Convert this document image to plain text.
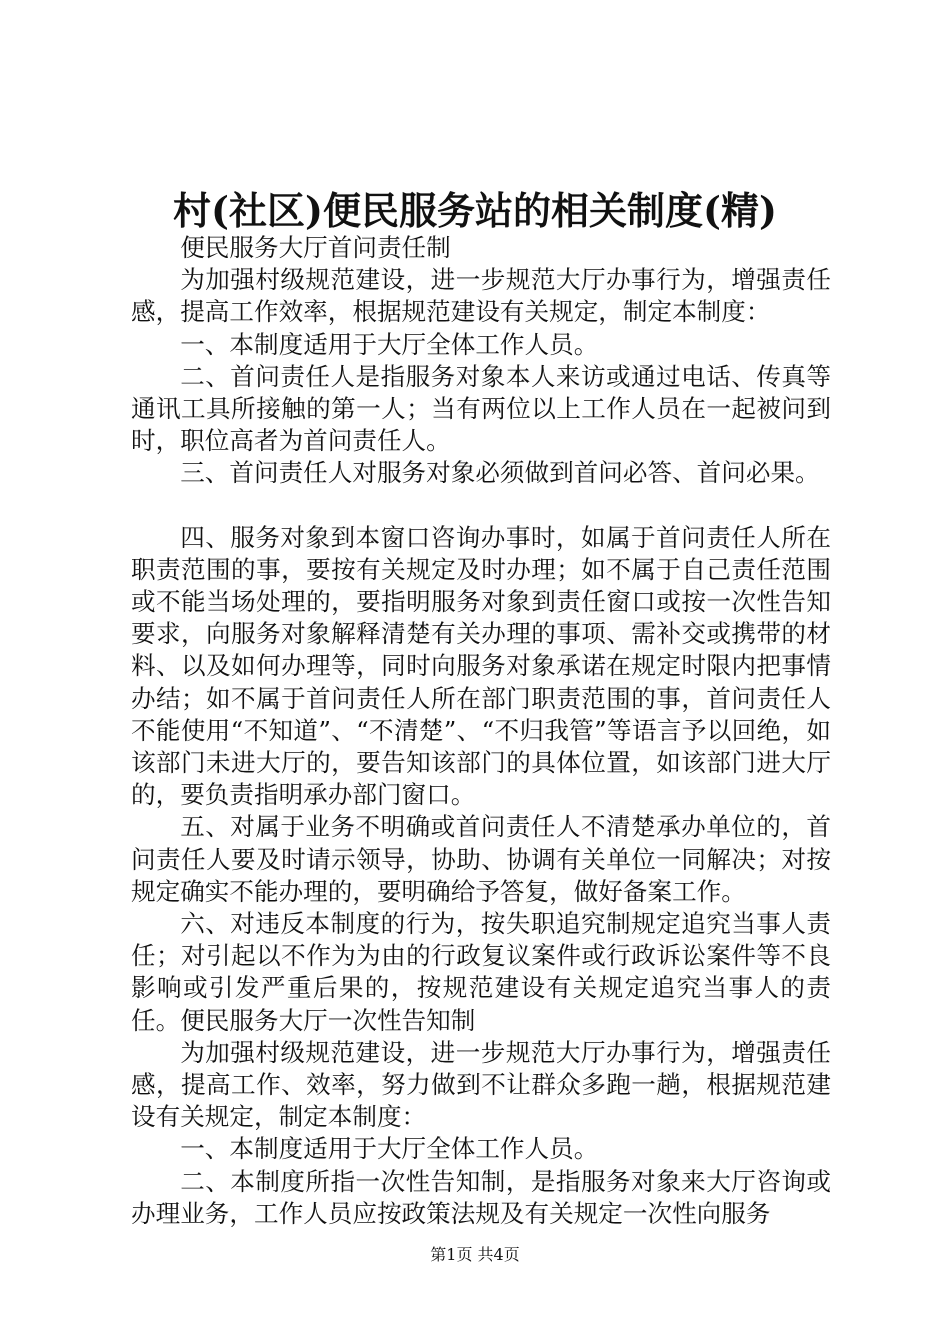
村(社区)便民服务站的相关制度(精)

便民服务大厅首问责任制

为加强村级规范建设，进一步规范大厅办事行为，增强责任感，提高工作效率，根据规范建设有关规定，制定本制度：

一、本制度适用于大厅全体工作人员。

二、首问责任人是指服务对象本人来访或通过电话、传真等通讯工具所接触的第一人；当有两位以上工作人员在一起被问到时，职位高者为首问责任人。

三、首问责任人对服务对象必须做到首问必答、首问必果。

四、服务对象到本窗口咨询办事时，如属于首问责任人所在职责范围的事，要按有关规定及时办理；如不属于自己责任范围或不能当场处理的，要指明服务对象到责任窗口或按一次性告知要求，向服务对象解释清楚有关办理的事项、需补交或携带的材料、以及如何办理等，同时向服务对象承诺在规定时限内把事情办结；如不属于首问责任人所在部门职责范围的事，首问责任人不能使用“不知道”、“不清楚”、“不归我管”等语言予以回绝，如该部门未进大厅的，要告知该部门的具体位置，如该部门进大厅的，要负责指明承办部门窗口。

五、对属于业务不明确或首问责任人不清楚承办单位的，首问责任人要及时请示领导，协助、协调有关单位一同解决；对按规定确实不能办理的，要明确给予答复，做好备案工作。

六、对违反本制度的行为，按失职追究制规定追究当事人责任；对引起以不作为为由的行政复议案件或行政诉讼案件等不良影响或引发严重后果的，按规范建设有关规定追究当事人的责任。便民服务大厅一次性告知制

为加强村级规范建设，进一步规范大厅办事行为，增强责任感，提高工作、效率，努力做到不让群众多跑一趟，根据规范建设有关规定，制定本制度：

一、本制度适用于大厅全体工作人员。

二、本制度所指一次性告知制，是指服务对象来大厅咨询或办理业务，工作人员应按政策法规及有关规定一次性向服务

第1页 共4页
